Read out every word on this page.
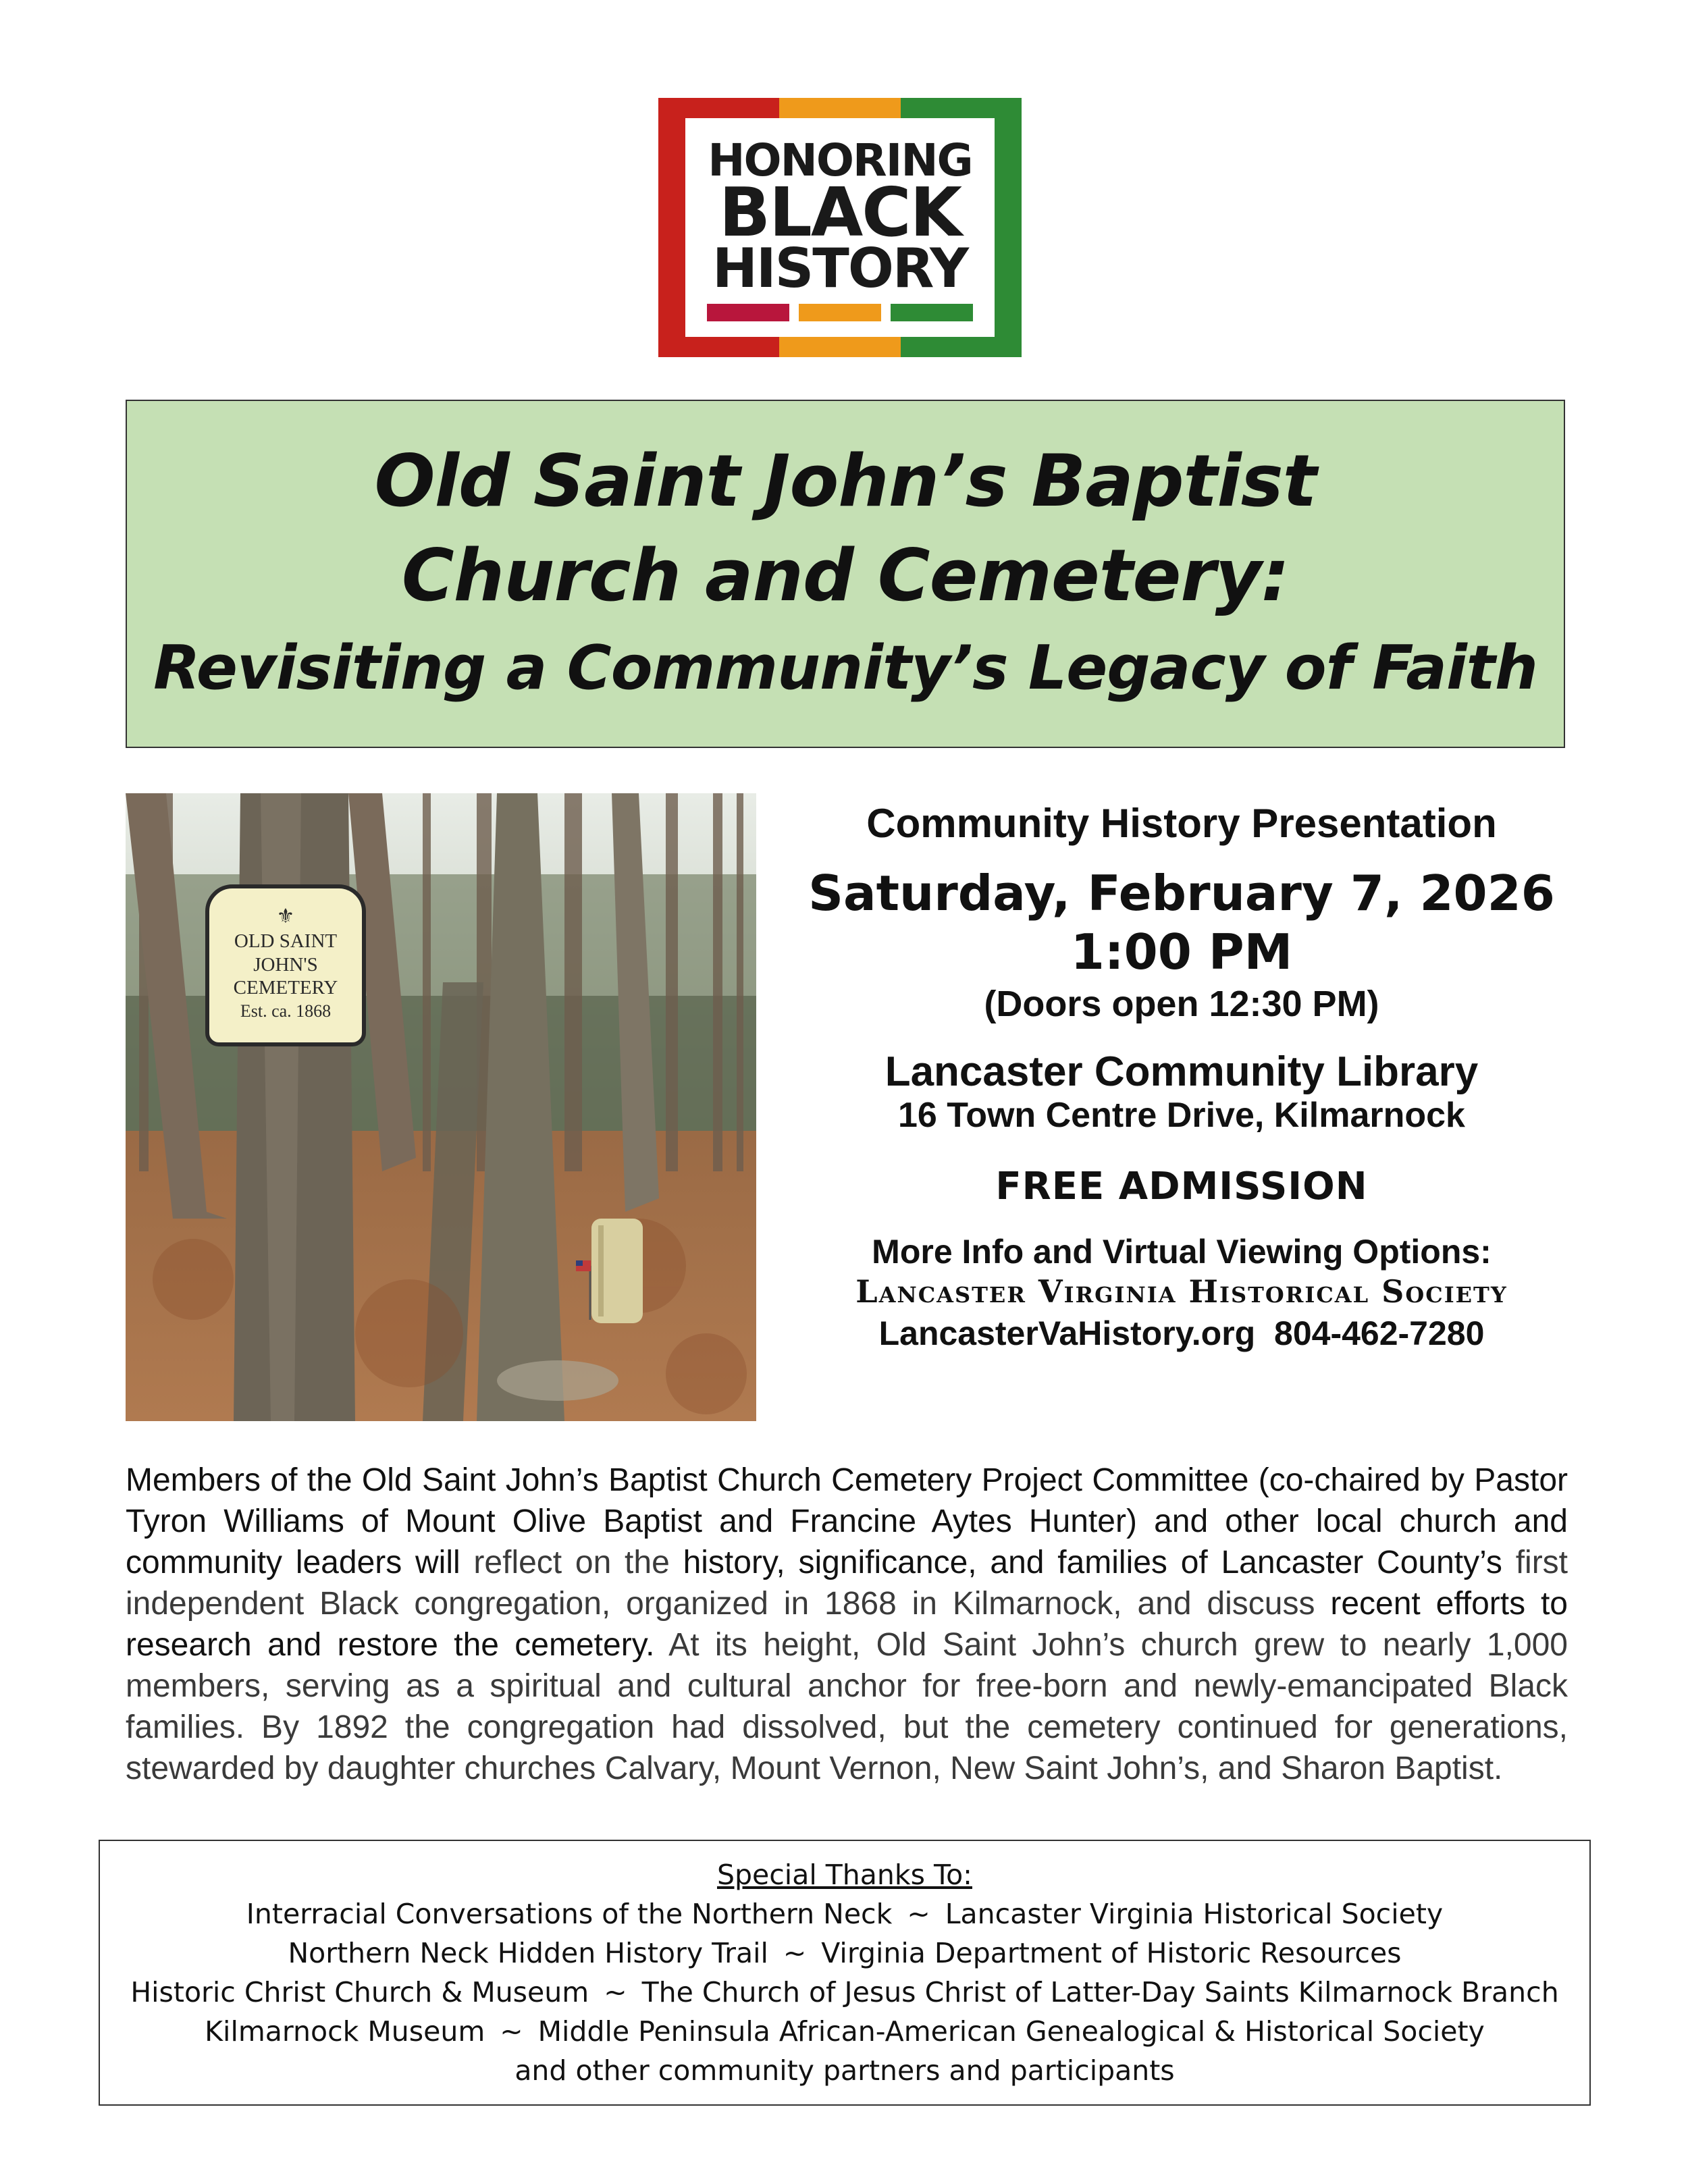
HONORING
BLACK
HISTORY
Old Saint John’s Baptist
Church and Cemetery:
Revisiting a Community’s Legacy of Faith
⚜
OLD SAINT
JOHN'S
CEMETERY
Est. ca. 1868
Community History Presentation
Saturday, February 7, 2026
1:00 PM
(Doors open 12:30 PM)
Lancaster Community Library
16 Town Centre Drive, Kilmarnock
FREE ADMISSION
More Info and Virtual Viewing Options:
Lancaster Virginia Historical Society
LancasterVaHistory.org 804-462-7280

Members of the Old Saint John’s Baptist Church Cemetery Project Committee (co-chaired by Pastor Tyron Williams of Mount Olive Baptist and Francine Aytes Hunter) and other local church and community leaders will reflect on the history, significance, and families of Lancaster County’s first independent Black congregation, organized in 1868 in Kilmarnock, and discuss recent efforts to research and restore the cemetery. At its height, Old Saint John’s church grew to nearly 1,000 members, serving as a spiritual and cultural anchor for free-born and newly-emancipated Black families. By 1892 the congregation had dissolved, but the cemetery continued for generations, stewarded by daughter churches Calvary, Mount Vernon, New Saint John’s, and Sharon Baptist.

Special Thanks To:
Interracial Conversations of the Northern Neck ~ Lancaster Virginia Historical Society
Northern Neck Hidden History Trail ~ Virginia Department of Historic Resources
Historic Christ Church & Museum ~ The Church of Jesus Christ of Latter-Day Saints Kilmarnock Branch
Kilmarnock Museum ~ Middle Peninsula African-American Genealogical & Historical Society
and other community partners and participants
